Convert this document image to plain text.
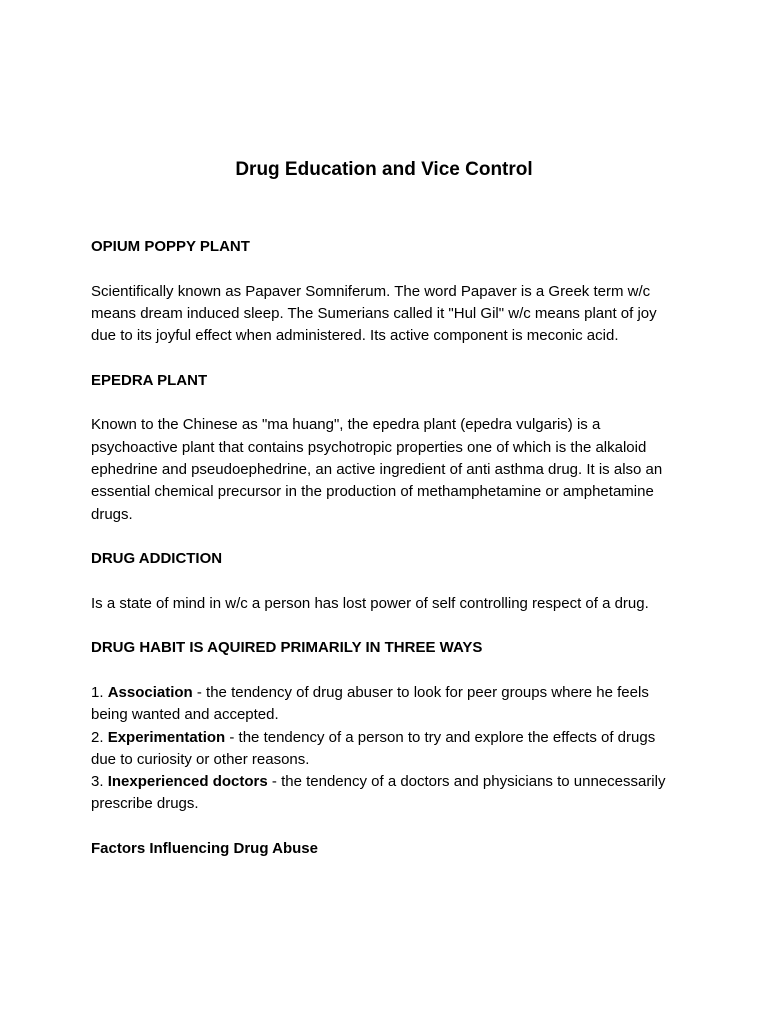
Drug Education and Vice Control

OPIUM POPPY PLANT

Scientifically known as Papaver Somniferum. The word Papaver is a Greek term w/c means dream induced sleep. The Sumerians called it "Hul Gil" w/c means plant of joy due to its joyful effect when administered. Its active component is meconic acid.

EPEDRA PLANT

Known to the Chinese as "ma huang", the epedra plant (epedra vulgaris) is a psychoactive plant that contains psychotropic properties one of which is the alkaloid ephedrine and pseudoephedrine, an active ingredient of anti asthma drug. It is also an essential chemical precursor in the production of methamphetamine or amphetamine drugs.

DRUG ADDICTION

Is a state of mind in w/c a person has lost power of self controlling respect of a drug.

DRUG HABIT IS AQUIRED PRIMARILY IN THREE WAYS

1. Association - the tendency of drug abuser to look for peer groups where he feels being wanted and accepted.

2. Experimentation - the tendency of a person to try and explore the effects of drugs due to curiosity or other reasons.

3. Inexperienced doctors - the tendency of a doctors and physicians to unnecessarily prescribe drugs.

Factors Influencing Drug Abuse
